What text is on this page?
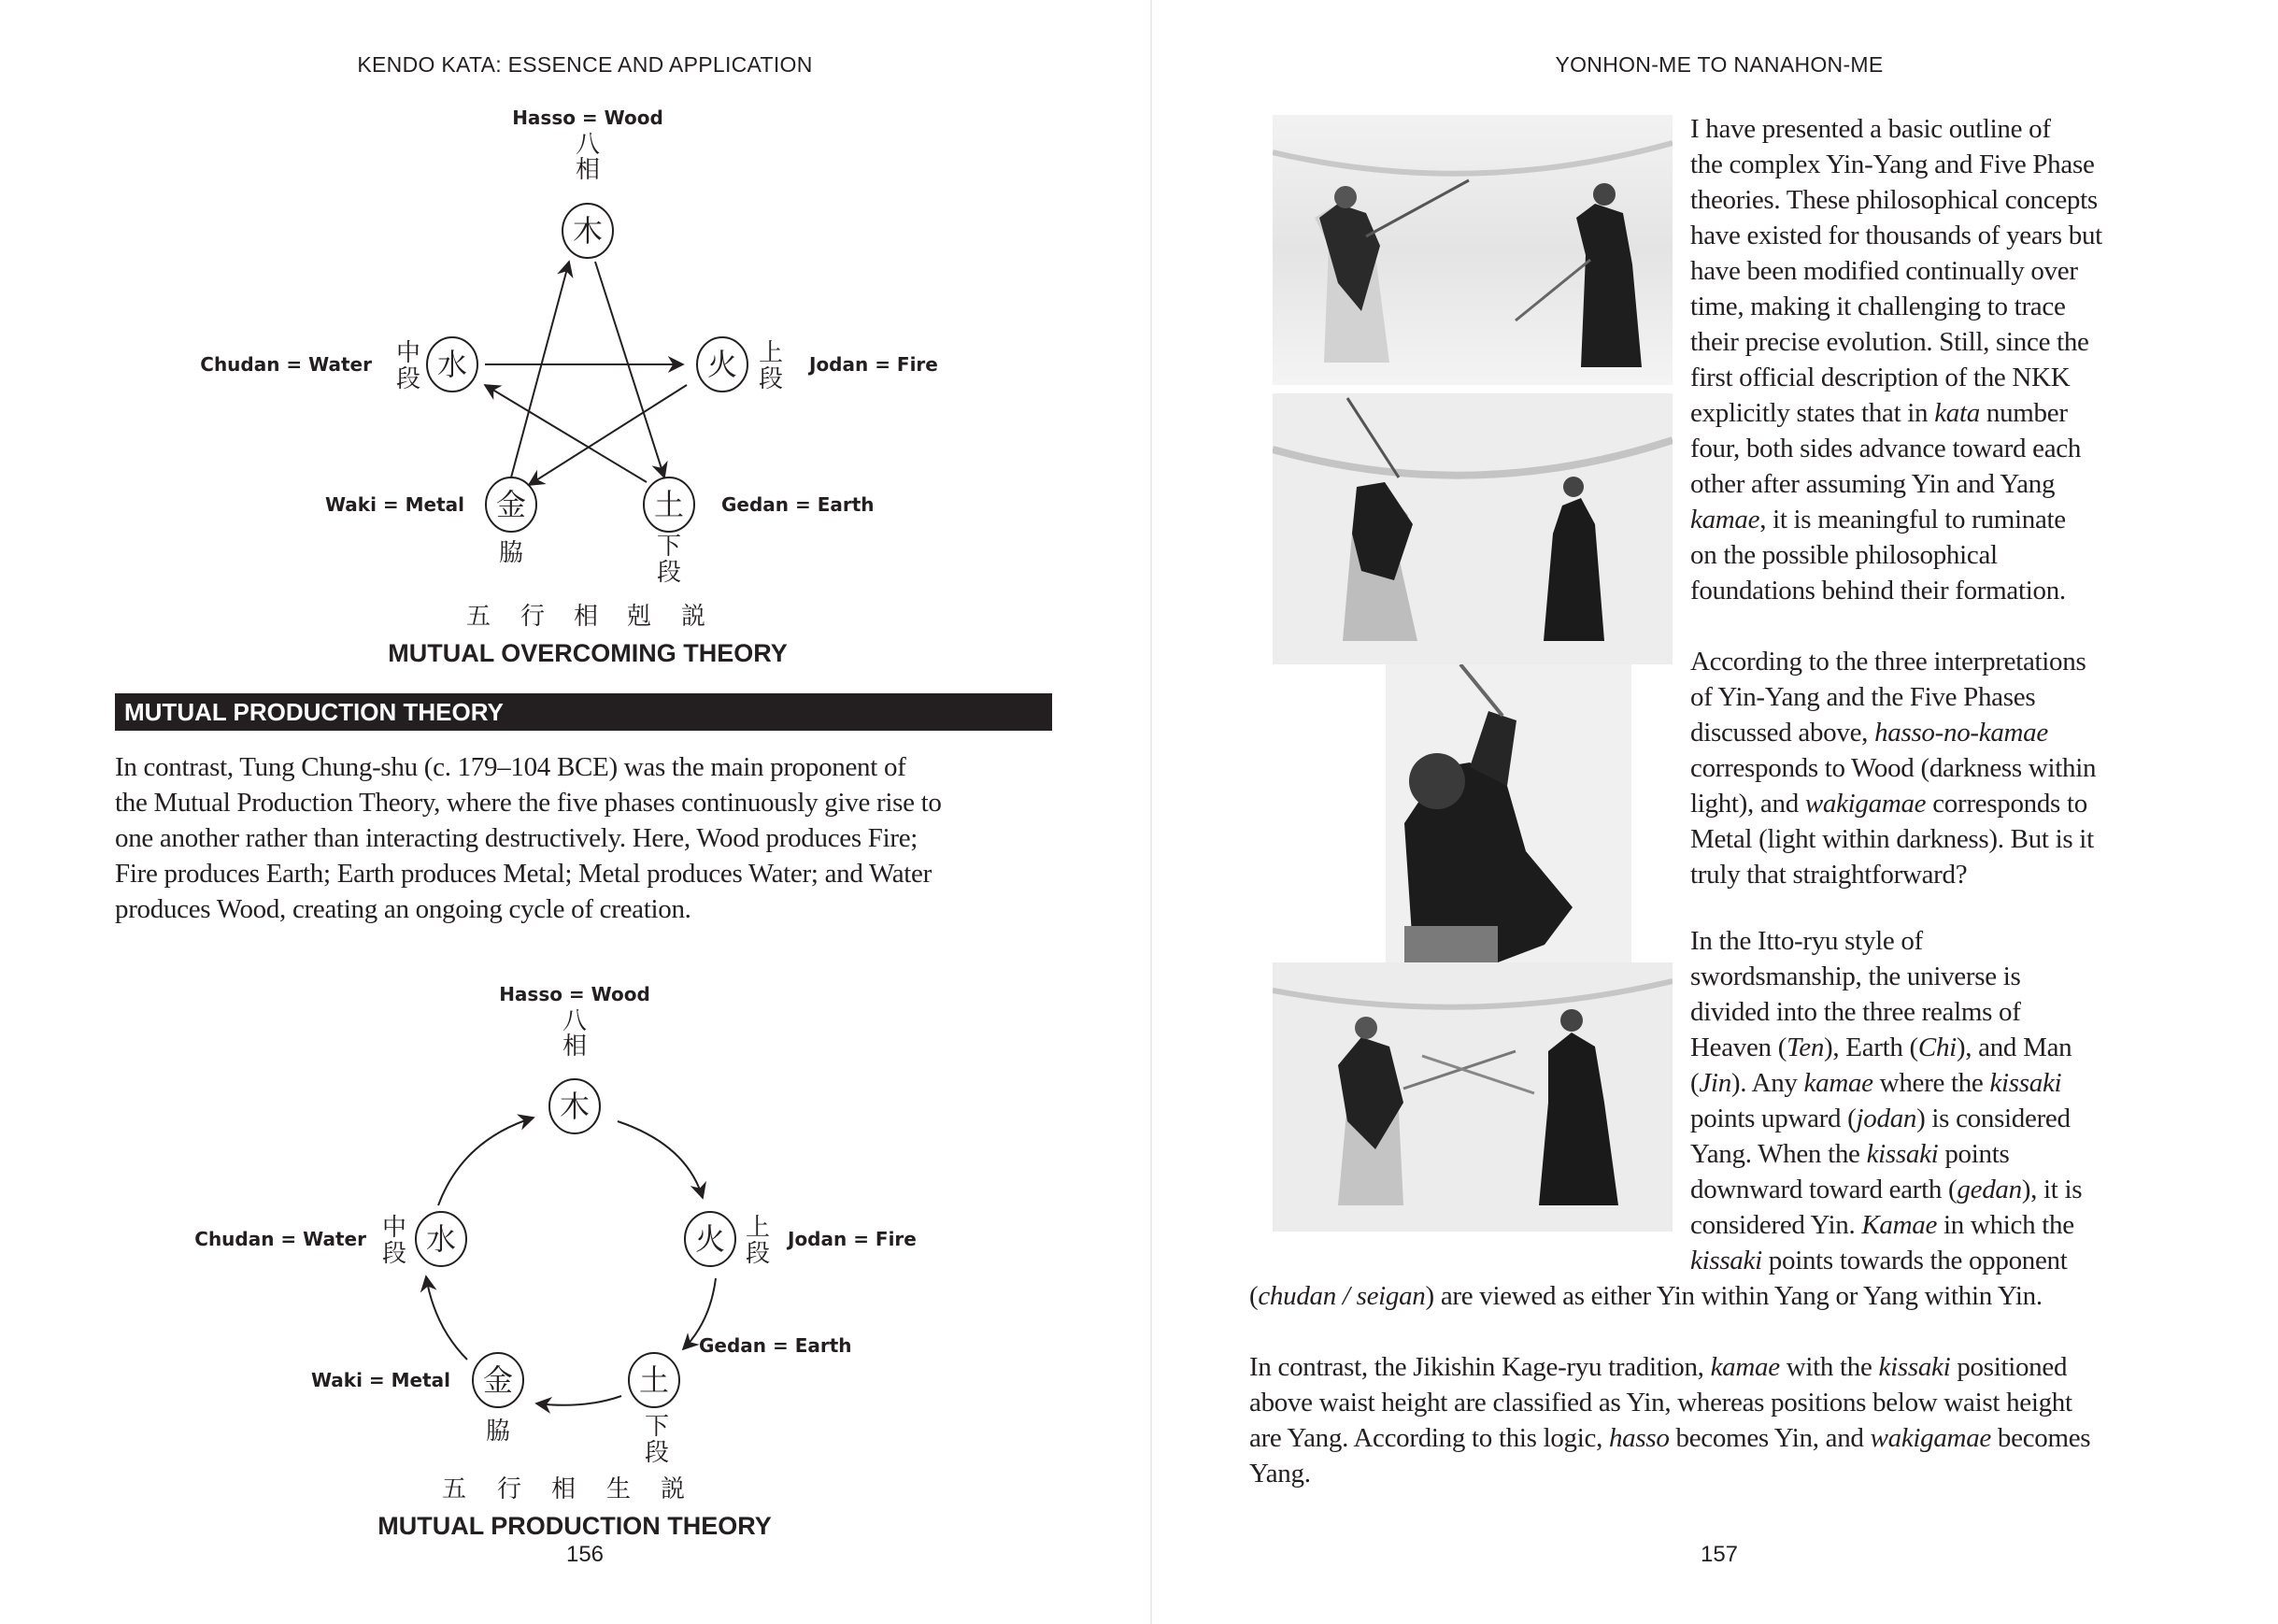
KENDO KATA: ESSENCE AND APPLICATION
Hasso = Wood
八
相
木
水	火
金	土
Chudan = Water	Jodan = Fire
Waki = Metal	Gedan = Earth
中
段
上
段
脇	下
段
五 行 相 剋 説
MUTUAL OVERCOMING THEORY
MUTUAL PRODUCTION THEORY
In contrast, Tung Chung-shu (c. 179–104 BCE) was the main proponent of
the Mutual Production Theory, where the five phases continuously give rise to
one another rather than interacting destructively. Here, Wood produces Fire;
Fire produces Earth; Earth produces Metal; Metal produces Water; and Water
produces Wood, creating an ongoing cycle of creation.
Hasso = Wood
八
相
木
水	火
金	土
Chudan = Water	Jodan = Fire
Waki = Metal
Gedan = Earth
中
段
上
段
脇	下
段
五 行 相 生 説
MUTUAL PRODUCTION THEORY
156
YONHON-ME TO NANAHON-ME
I have presented a basic outline of
the complex Yin-Yang and Five Phase
theories. These philosophical concepts
have existed for thousands of years but
have been modified continually over
time, making it challenging to trace
their precise evolution. Still, since the
first official description of the NKK
explicitly states that in kata number
four, both sides advance toward each
other after assuming Yin and Yang
kamae, it is meaningful to ruminate
on the possible philosophical
foundations behind their formation.
According to the three interpretations
of Yin-Yang and the Five Phases
discussed above, hasso-no-kamae
corresponds to Wood (darkness within
light), and wakigamae corresponds to
Metal (light within darkness). But is it
truly that straightforward?
In the Itto-ryu style of
swordsmanship, the universe is
divided into the three realms of
Heaven (Ten), Earth (Chi), and Man
(Jin). Any kamae where the kissaki
points upward (jodan) is considered
Yang. When the kissaki points
downward toward earth (gedan), it is
considered Yin. Kamae in which the
kissaki points towards the opponent
(chudan / seigan) are viewed as either Yin within Yang or Yang within Yin.
In contrast, the Jikishin Kage-ryu tradition, kamae with the kissaki positioned
above waist height are classified as Yin, whereas positions below waist height
are Yang. According to this logic, hasso becomes Yin, and wakigamae becomes
Yang.
157
